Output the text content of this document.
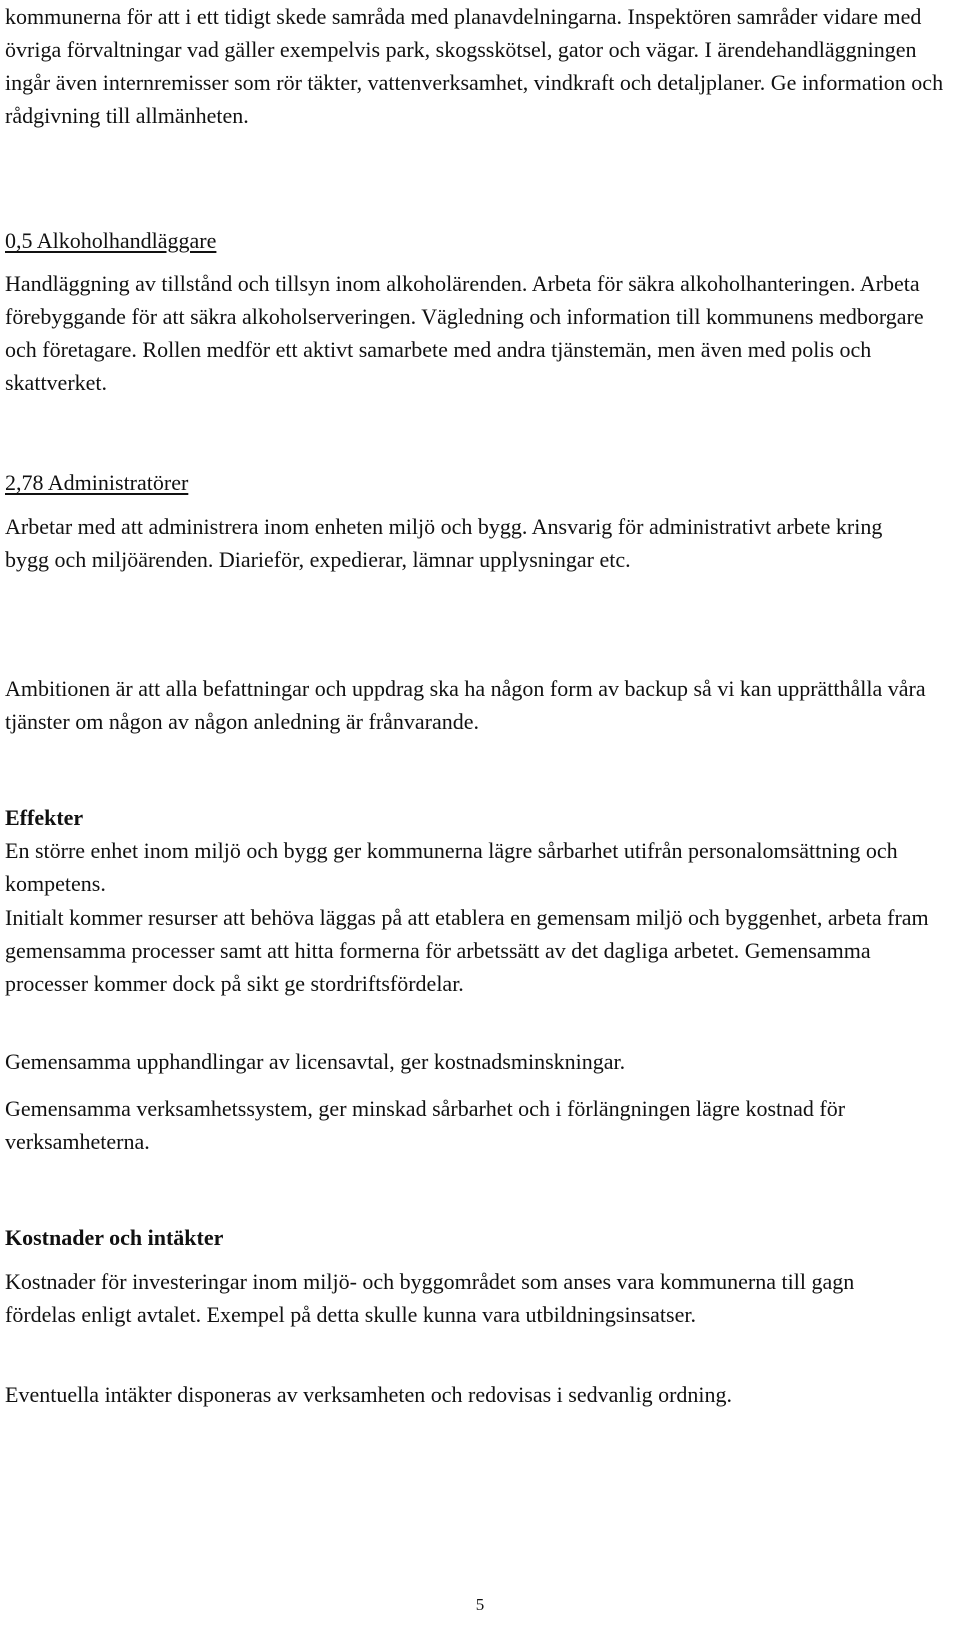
kommunerna för att i ett tidigt skede samråda med planavdelningarna. Inspektören samråder vidare med övriga förvaltningar vad gäller exempelvis park, skogsskötsel, gator och vägar. I ärendehandläggningen ingår även internremisser som rör täkter, vattenverksamhet, vindkraft och detaljplaner. Ge information och rådgivning till allmänheten.

0,5 Alkoholhandläggare

Handläggning av tillstånd och tillsyn inom alkoholärenden. Arbeta för säkra alkoholhanteringen. Arbeta förebyggande för att säkra alkoholserveringen. Vägledning och information till kommunens medborgare och företagare. Rollen medför ett aktivt samarbete med andra tjänstemän, men även med polis och skattverket.

2,78 Administratörer

Arbetar med att administrera inom enheten miljö och bygg. Ansvarig för administrativt arbete kring bygg och miljöärenden. Diarieför, expedierar, lämnar upplysningar etc.

Ambitionen är att alla befattningar och uppdrag ska ha någon form av backup så vi kan upprätthålla våra tjänster om någon av någon anledning är frånvarande.

Effekter

En större enhet inom miljö och bygg ger kommunerna lägre sårbarhet utifrån personalomsättning och kompetens.

Initialt kommer resurser att behöva läggas på att etablera en gemensam miljö och byggenhet, arbeta fram gemensamma processer samt att hitta formerna för arbetssätt av det dagliga arbetet. Gemensamma processer kommer dock på sikt ge stordriftsfördelar.

Gemensamma upphandlingar av licensavtal, ger kostnadsminskningar.

Gemensamma verksamhetssystem, ger minskad sårbarhet och i förlängningen lägre kostnad för verksamheterna.

Kostnader och intäkter

Kostnader för investeringar inom miljö- och byggområdet som anses vara kommunerna till gagn fördelas enligt avtalet. Exempel på detta skulle kunna vara utbildningsinsatser.

Eventuella intäkter disponeras av verksamheten och redovisas i sedvanlig ordning.

5
